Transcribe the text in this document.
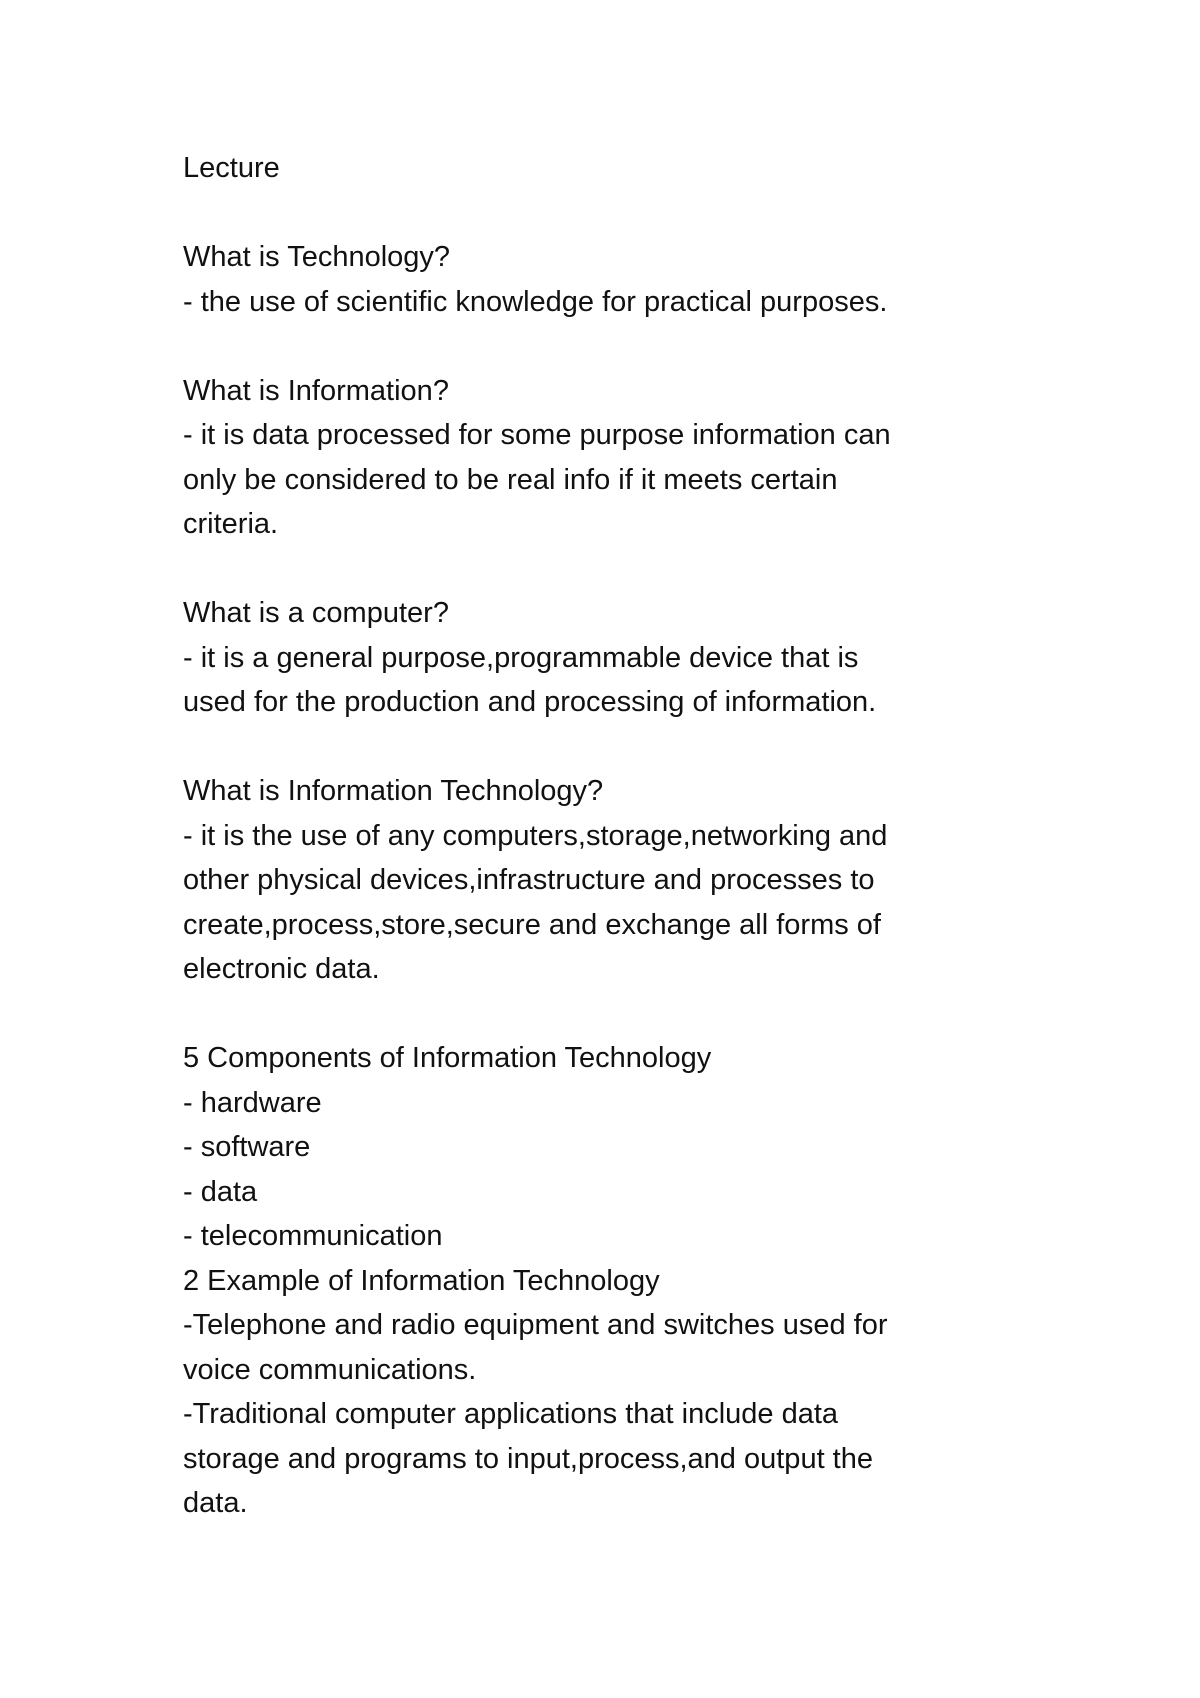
Lecture

What is Technology?

- the use of scientific knowledge for practical purposes.

What is Information?

- it is data processed for some purpose information can

only be considered to be real info if it meets certain

criteria.

What is a computer?

- it is a general purpose,programmable device that is

used for the production and processing of information.

What is Information Technology?

- it is the use of any computers,storage,networking and

other physical devices,infrastructure and processes to

create,process,store,secure and exchange all forms of

electronic data.

5 Components of Information Technology

- hardware

- software

- data

- telecommunication

2 Example of Information Technology

-Telephone and radio equipment and switches used for

voice communications.

-Traditional computer applications that include data

storage and programs to input,process,and output the

data.
